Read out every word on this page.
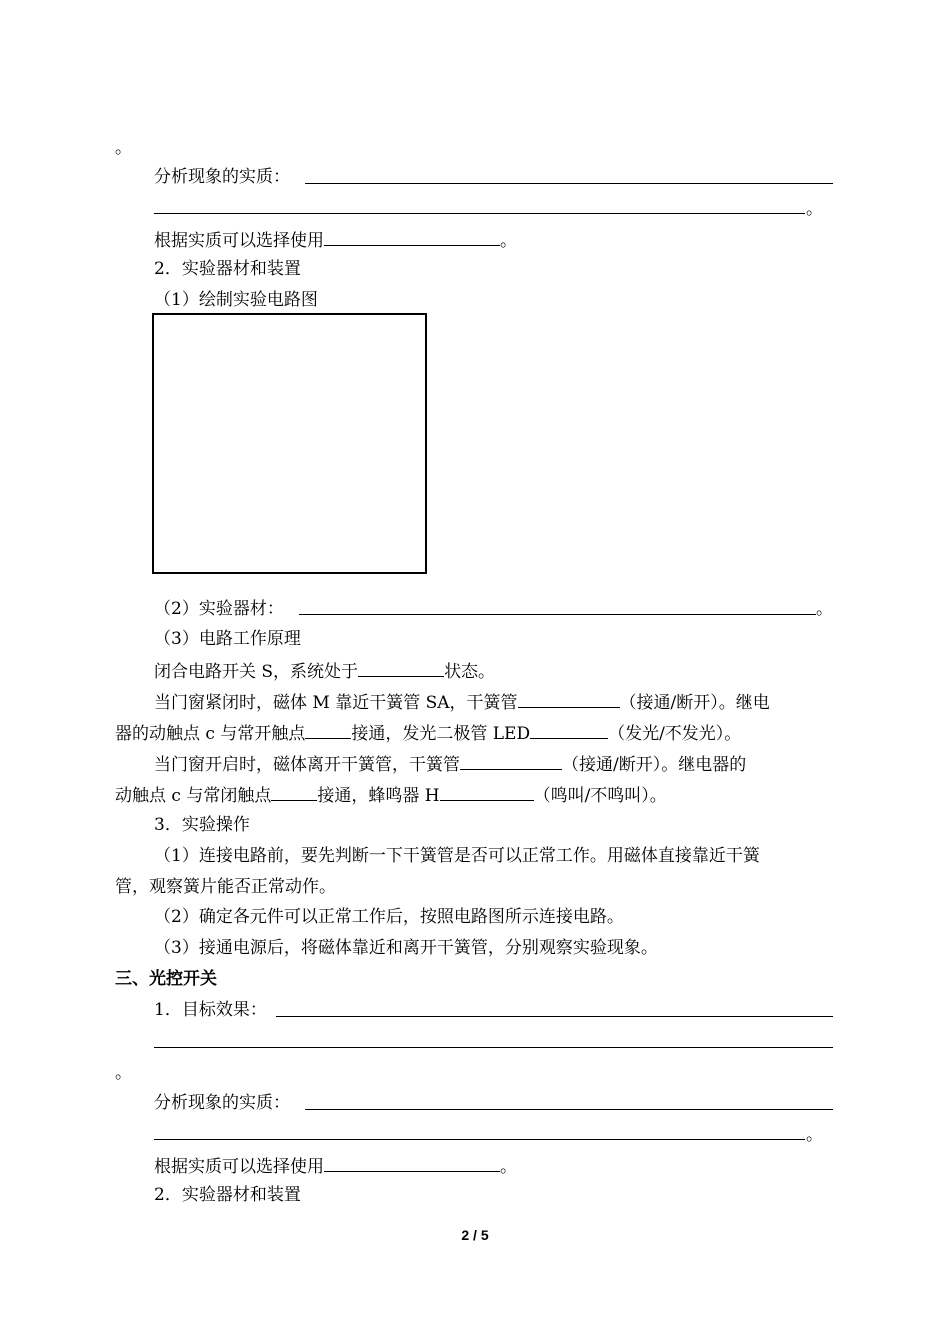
。
分析现象的实质：
。
根据实质可以选择使用	。
2．实验器材和装置
（1）绘制实验电路图
（2）实验器材：	。
（3）电路工作原理
闭合电路开关 S，系统处于	状态。
当门窗紧闭时，磁体 M 靠近干簧管 SA，干簧管	（接通/断开）。继电
器的动触点 c 与常开触点	接通，发光二极管 LED	（发光/不发光）。
当门窗开启时，磁体离开干簧管，干簧管	（接通/断开）。继电器的
动触点 c 与常闭触点	接通，蜂鸣器 H	（鸣叫/不鸣叫）。
3．实验操作
（1）连接电路前，要先判断一下干簧管是否可以正常工作。用磁体直接靠近干簧
管，观察簧片能否正常动作。
（2）确定各元件可以正常工作后，按照电路图所示连接电路。
（3）接通电源后，将磁体靠近和离开干簧管，分别观察实验现象。
三、光控开关
1．目标效果：
。
分析现象的实质：
。
根据实质可以选择使用	。
2．实验器材和装置
2 / 5
